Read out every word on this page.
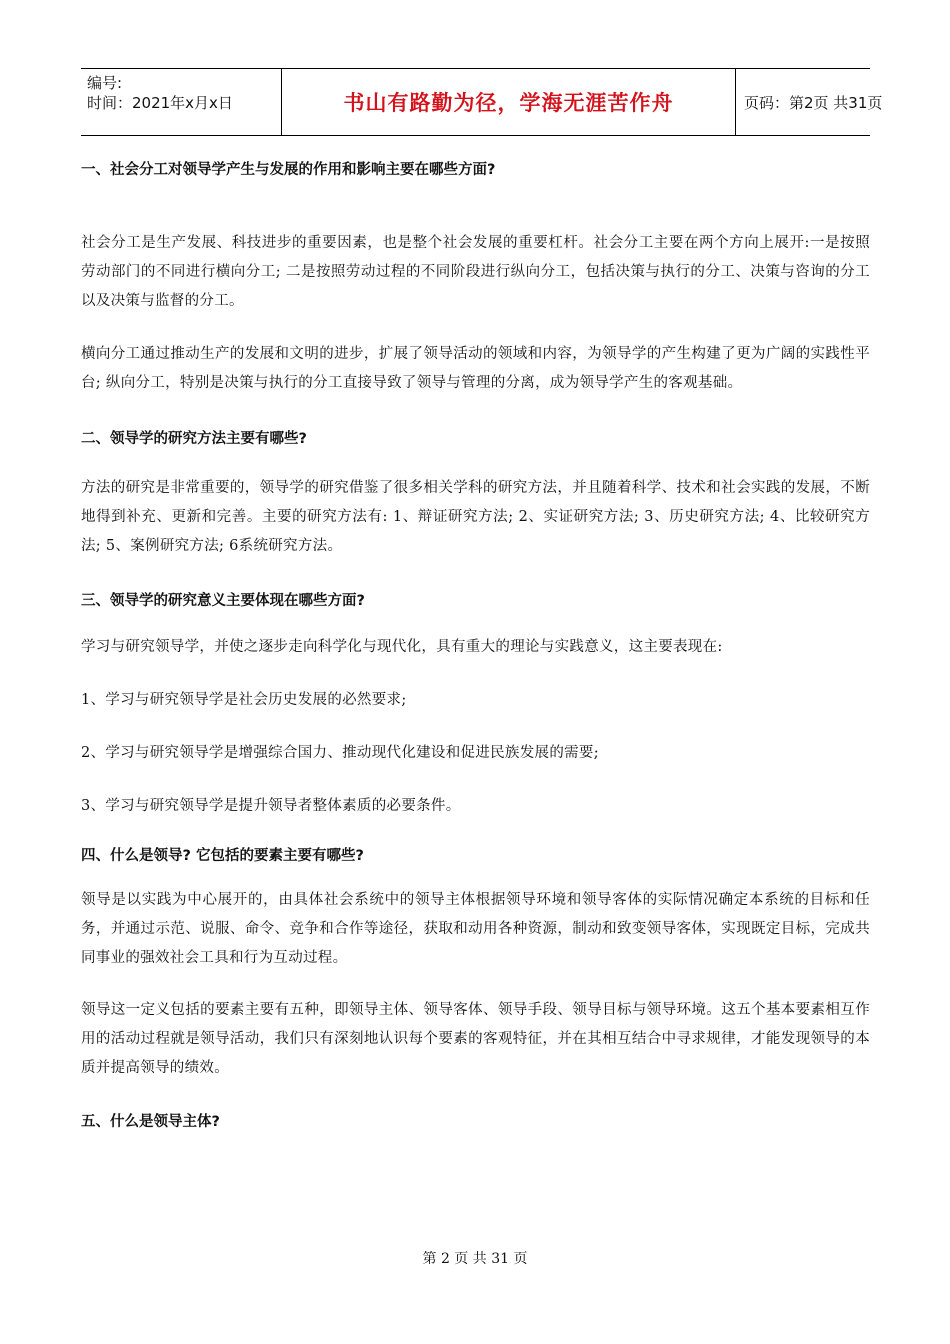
编号:
时间：2021年x月x日	书山有路勤为径，学海无涯苦作舟	页码：第2页 共31页
一、社会分工对领导学产生与发展的作用和影响主要在哪些方面?

社会分工是生产发展、科技进步的重要因素，也是整个社会发展的重要杠杆。社会分工主要在两个方向上展开:一是按照劳动部门的不同进行横向分工; 二是按照劳动过程的不同阶段进行纵向分工，包括决策与执行的分工、决策与咨询的分工以及决策与监督的分工。

横向分工通过推动生产的发展和文明的进步，扩展了领导活动的领域和内容，为领导学的产生构建了更为广阔的实践性平台; 纵向分工，特别是决策与执行的分工直接导致了领导与管理的分离，成为领导学产生的客观基础。

二、领导学的研究方法主要有哪些?

方法的研究是非常重要的，领导学的研究借鉴了很多相关学科的研究方法，并且随着科学、技术和社会实践的发展，不断地得到补充、更新和完善。主要的研究方法有: 1、辩证研究方法; 2、实证研究方法; 3、历史研究方法; 4、比较研究方法; 5、案例研究方法; 6系统研究方法。

三、领导学的研究意义主要体现在哪些方面?

学习与研究领导学，并使之逐步走向科学化与现代化，具有重大的理论与实践意义，这主要表现在:

1、学习与研究领导学是社会历史发展的必然要求;

2、学习与研究领导学是增强综合国力、推动现代化建设和促进民族发展的需要;

3、学习与研究领导学是提升领导者整体素质的必要条件。

四、什么是领导? 它包括的要素主要有哪些?

领导是以实践为中心展开的，由具体社会系统中的领导主体根据领导环境和领导客体的实际情况确定本系统的目标和任务，并通过示范、说服、命令、竞争和合作等途径，获取和动用各种资源，制动和致变领导客体，实现既定目标，完成共同事业的强效社会工具和行为互动过程。

领导这一定义包括的要素主要有五种，即领导主体、领导客体、领导手段、领导目标与领导环境。这五个基本要素相互作用的活动过程就是领导活动，我们只有深刻地认识每个要素的客观特征，并在其相互结合中寻求规律，才能发现领导的本质并提高领导的绩效。

五、什么是领导主体?
第 2 页 共 31 页
